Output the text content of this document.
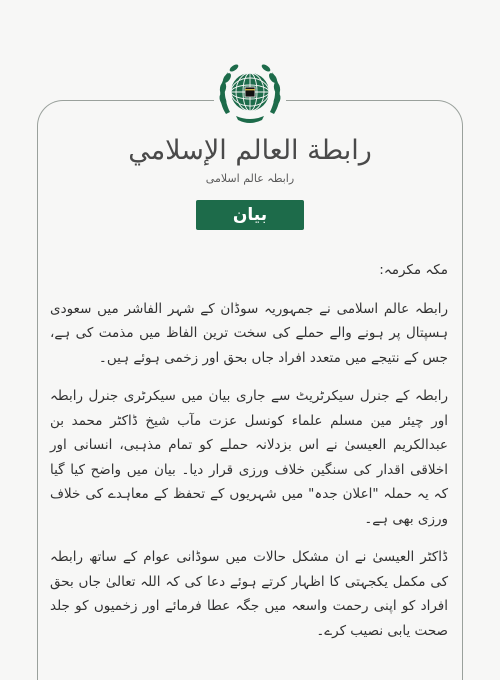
رابطة العالم الإسلامي
رابطہ عالم اسلامی
بیان

مکہ مکرمہ:

رابطہ عالم اسلامی نے جمہوریہ سوڈان کے شہر الفاشر میں سعودی ہسپتال پر ہونے والے حملے کی سخت ترین الفاظ میں مذمت کی ہے، جس کے نتیجے میں متعدد افراد جاں بحق اور زخمی ہوئے ہیں۔

رابطہ کے جنرل سیکرٹریٹ سے جاری بیان میں سیکرٹری جنرل رابطہ اور چیئر مین مسلم علماء کونسل عزت مآب شیخ ڈاکٹر محمد بن عبدالکریم العیسیٰ نے اس بزدلانہ حملے کو تمام مذہبی، انسانی اور اخلاقی اقدار کی سنگین خلاف ورزی قرار دیا۔ بیان میں واضح کیا گیا کہ یہ حملہ "اعلان جدہ" میں شہریوں کے تحفظ کے معاہدے کی خلاف ورزی بھی ہے۔

ڈاکٹر العیسیٰ نے ان مشکل حالات میں سوڈانی عوام کے ساتھ رابطہ کی مکمل یکجہتی کا اظہار کرتے ہوئے دعا کی کہ اللہ تعالیٰ جاں بحق افراد کو اپنی رحمت واسعہ میں جگہ عطا فرمائے اور زخمیوں کو جلد صحت یابی نصیب کرے۔
